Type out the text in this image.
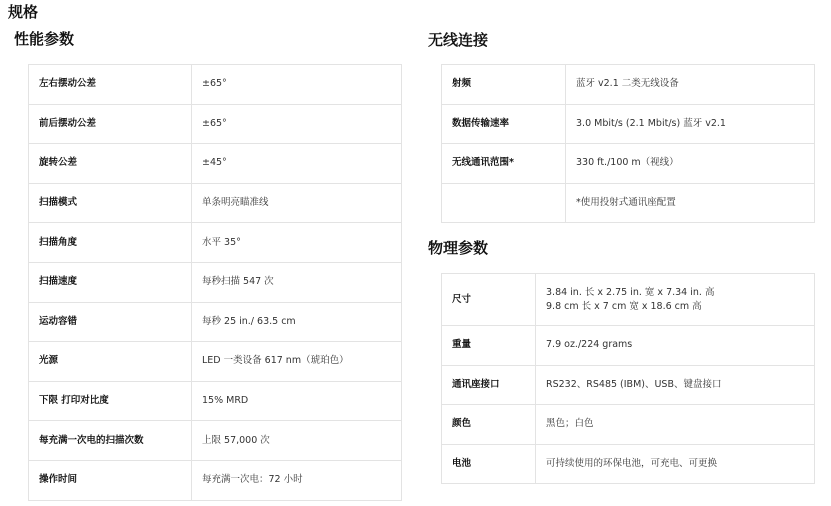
规格
性能参数
左右摆动公差	±65°
前后摆动公差	±65°
旋转公差	±45°
扫描模式	单条明亮瞄准线
扫描角度	水平 35°
扫描速度	每秒扫描 547 次
运动容错	每秒 25 in./ 63.5 cm
光源	LED 一类设备 617 nm（琥珀色）
下限 打印对比度	15% MRD
每充满一次电的扫描次数	上限 57,000 次
操作时间	每充满一次电：72 小时
无线连接
射频	蓝牙 v2.1 二类无线设备
数据传输速率	3.0 Mbit/s (2.1 Mbit/s) 蓝牙 v2.1
无线通讯范围*	330 ft./100 m（视线）
	*使用投射式通讯座配置
物理参数
尺寸	3.84 in. 长 x 2.75 in. 宽 x 7.34 in. 高
9.8 cm 长 x 7 cm 宽 x 18.6 cm 高

重量	7.9 oz./224 grams
通讯座接口	RS232、RS485 (IBM)、USB、键盘接口
颜色	黑色；白色
电池	可持续使用的环保电池，可充电、可更换
